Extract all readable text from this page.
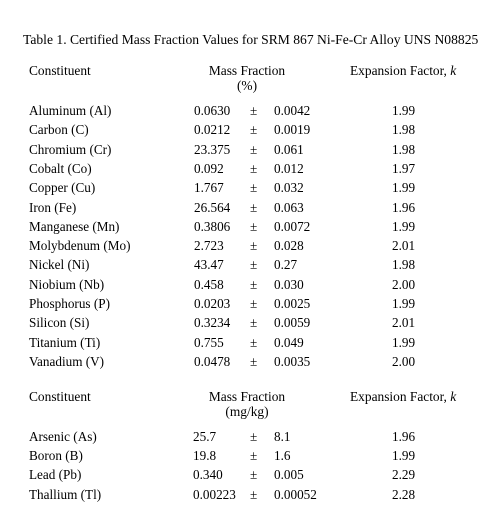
Table 1. Certified Mass Fraction Values for SRM 867 Ni-Fe-Cr Alloy UNS N08825
Constituent	Mass Fraction
(%)
Expansion Factor, k
Aluminum (Al)	0.0630 ± 0.0042	1.99
Carbon (C)	0.0212 ± 0.0019	1.98
Chromium (Cr)	23.375 ± 0.061	1.98
Cobalt (Co)	0.092 ± 0.012	1.97
Copper (Cu)	1.767 ± 0.032	1.99
Iron (Fe)	26.564 ± 0.063	1.96
Manganese (Mn)	0.3806 ± 0.0072	1.99
Molybdenum (Mo)	2.723 ± 0.028	2.01
Nickel (Ni)	43.47 ± 0.27	1.98
Niobium (Nb)	0.458 ± 0.030	2.00
Phosphorus (P)	0.0203 ± 0.0025	1.99
Silicon (Si)	0.3234 ± 0.0059	2.01
Titanium (Ti)	0.755 ± 0.049	1.99
Vanadium (V)	0.0478 ± 0.0035	2.00
Constituent	Mass Fraction
(mg/kg)
Expansion Factor, k
Arsenic (As)	25.7	± 8.1	1.96
Boron (B)	19.8	± 1.6	1.99
Lead (Pb)	0.340 ± 0.005	2.29
Thallium (Tl)	0.00223 ± 0.00052	2.28
